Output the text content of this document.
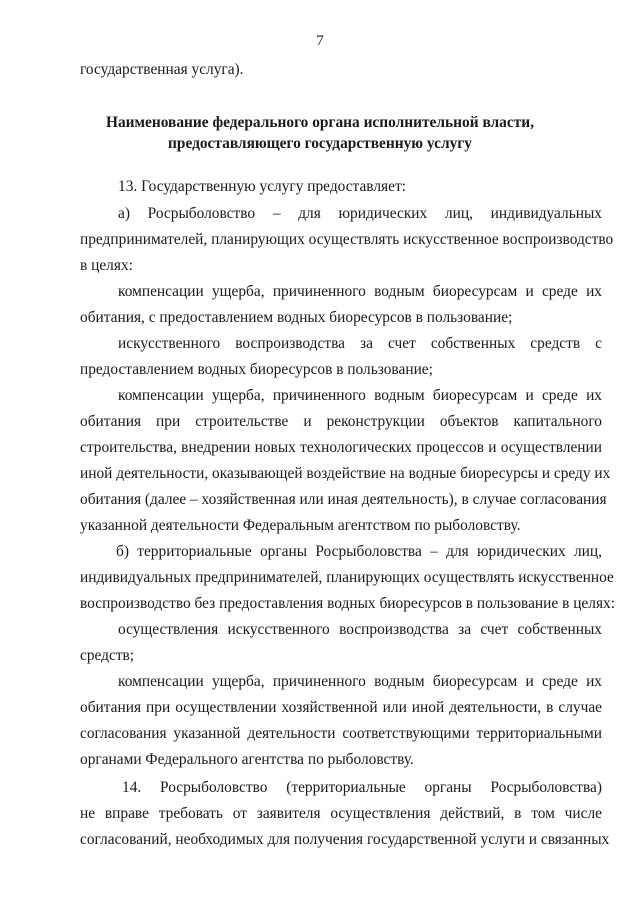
7
государственная услуга).
Наименование федерального органа исполнительной власти,
предоставляющего государственную услугу
13. Государственную услугу предоставляет:
а) Росрыболовство – для юридических лиц, индивидуальных
предпринимателей, планирующих осуществлять искусственное воспроизводство
в целях:
компенсации ущерба, причиненного водным биоресурсам и среде их
обитания, с предоставлением водных биоресурсов в пользование;
искусственного воспроизводства за счет собственных средств с
предоставлением водных биоресурсов в пользование;
компенсации ущерба, причиненного водным биоресурсам и среде их
обитания при строительстве и реконструкции объектов капитального
строительства, внедрении новых технологических процессов и осуществлении
иной деятельности, оказывающей воздействие на водные биоресурсы и среду их
обитания (далее – хозяйственная или иная деятельность), в случае согласования
указанной деятельности Федеральным агентством по рыболовству.
б) территориальные органы Росрыболовства – для юридических лиц,
индивидуальных предпринимателей, планирующих осуществлять искусственное
воспроизводство без предоставления водных биоресурсов в пользование в целях:
осуществления искусственного воспроизводства за счет собственных
средств;
компенсации ущерба, причиненного водным биоресурсам и среде их
обитания при осуществлении хозяйственной или иной деятельности, в случае
согласования указанной деятельности соответствующими территориальными
органами Федерального агентства по рыболовству.
14. Росрыболовство (территориальные органы Росрыболовства)
не вправе требовать от заявителя осуществления действий, в том числе
согласований, необходимых для получения государственной услуги и связанных
